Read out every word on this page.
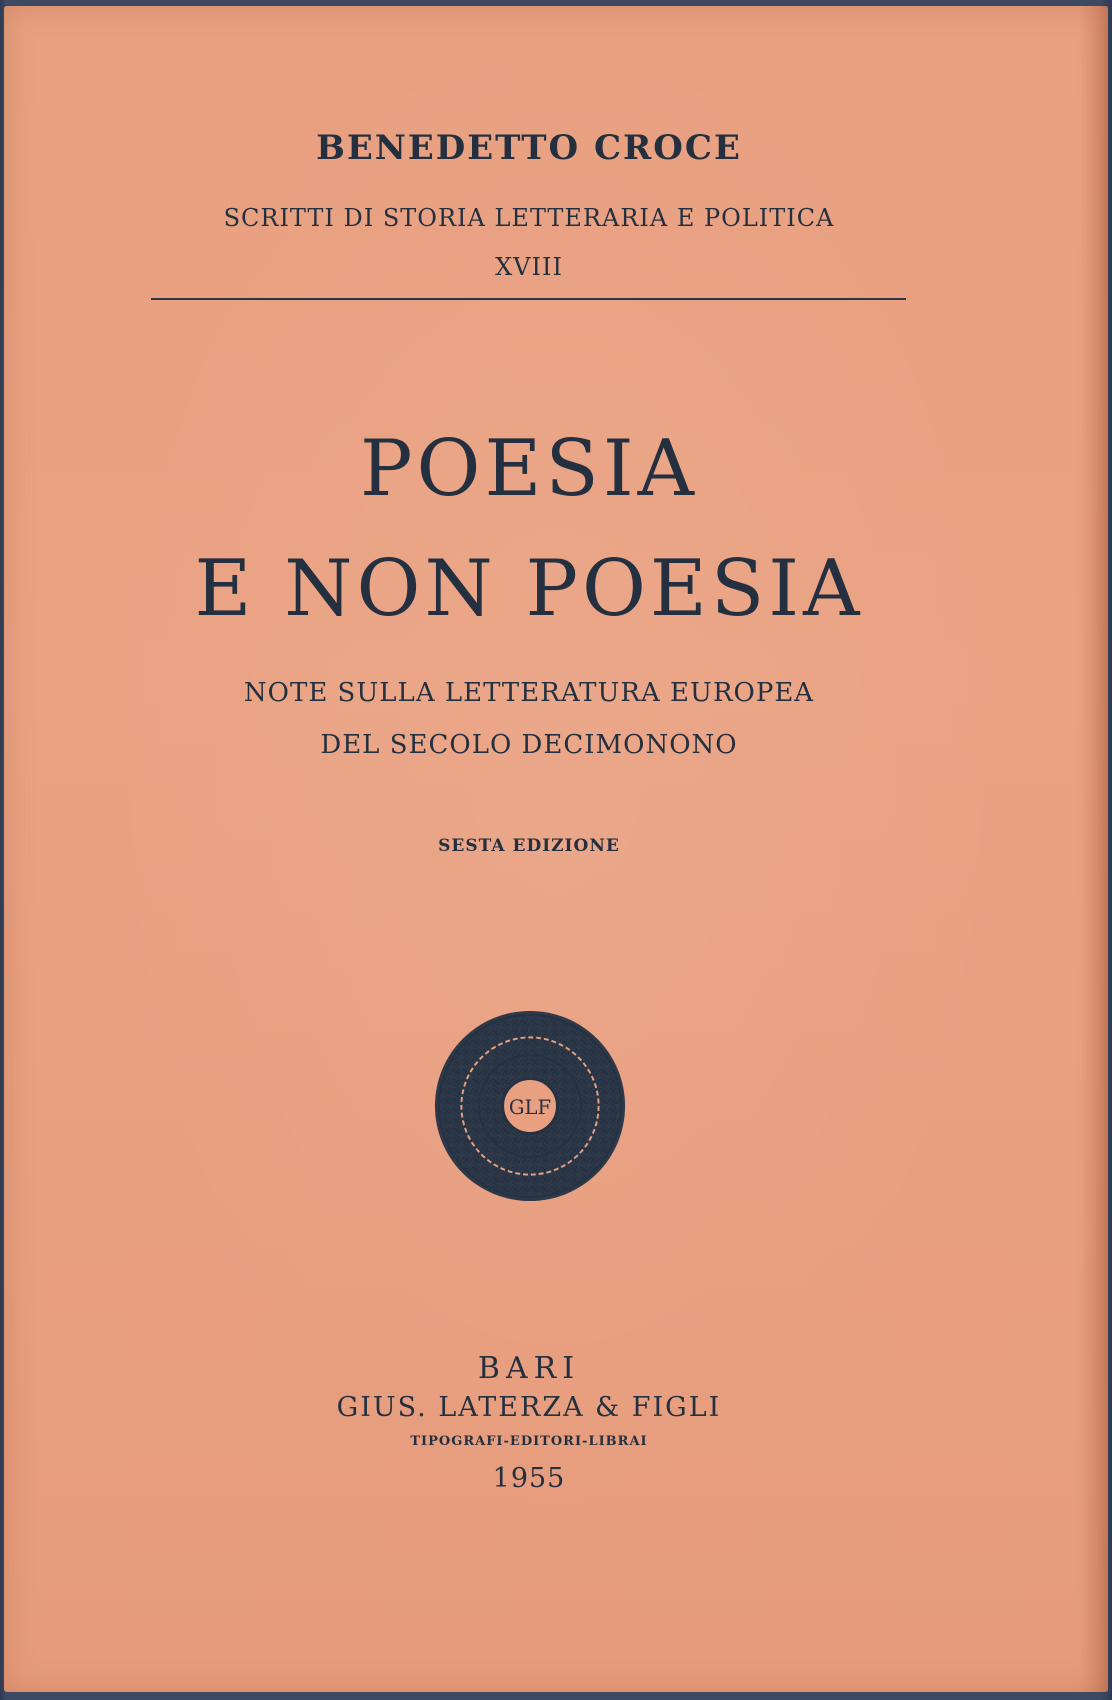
BENEDETTO CROCE
SCRITTI DI STORIA LETTERARIA E POLITICA
XVIII
POESIA
E NON POESIA
NOTE SULLA LETTERATURA EUROPEA
DEL SECOLO DECIMONONO
SESTA EDIZIONE
GLF
BARI
GIUS. LATERZA & FIGLI
TIPOGRAFI-EDITORI-LIBRAI
1955
